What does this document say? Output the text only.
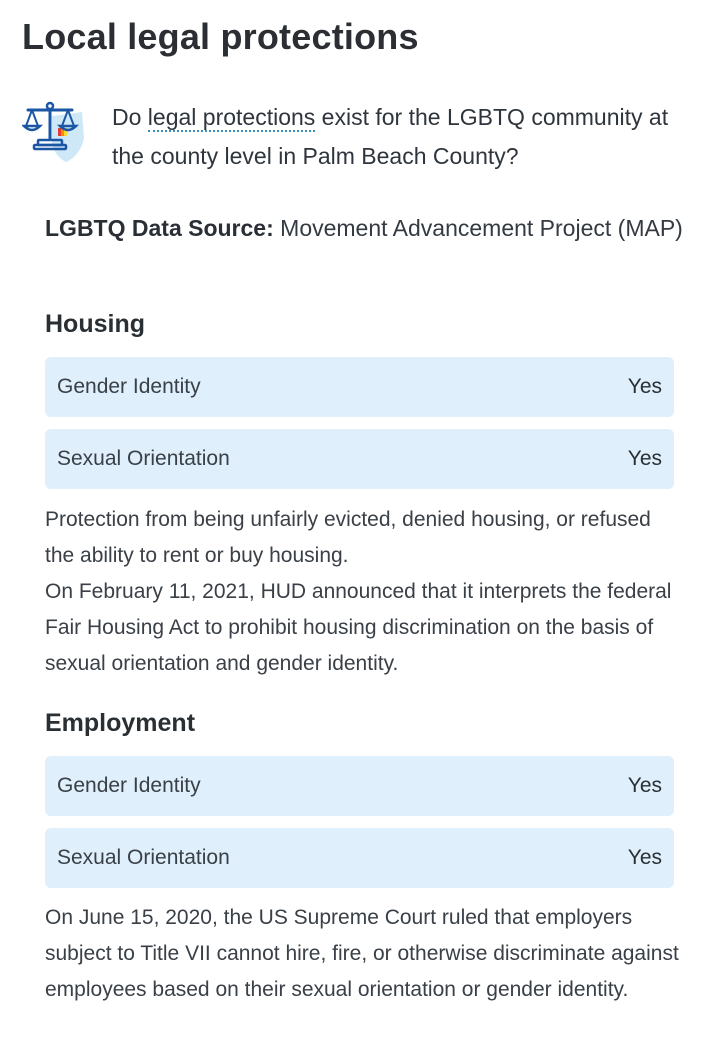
Local legal protections
Do legal protections exist for the LGBTQ community at the county level in Palm Beach County?
LGBTQ Data Source: Movement Advancement Project (MAP)
Housing
Gender Identity	Yes
Sexual Orientation	Yes

Protection from being unfairly evicted, denied housing, or refused the ability to rent or buy housing.
On February 11, 2021, HUD announced that it interprets the federal Fair Housing Act to prohibit housing discrimination on the basis of sexual orientation and gender identity.

Employment
Gender Identity	Yes
Sexual Orientation	Yes

On June 15, 2020, the US Supreme Court ruled that employers subject to Title VII cannot hire, fire, or otherwise discriminate against employees based on their sexual orientation or gender identity.
